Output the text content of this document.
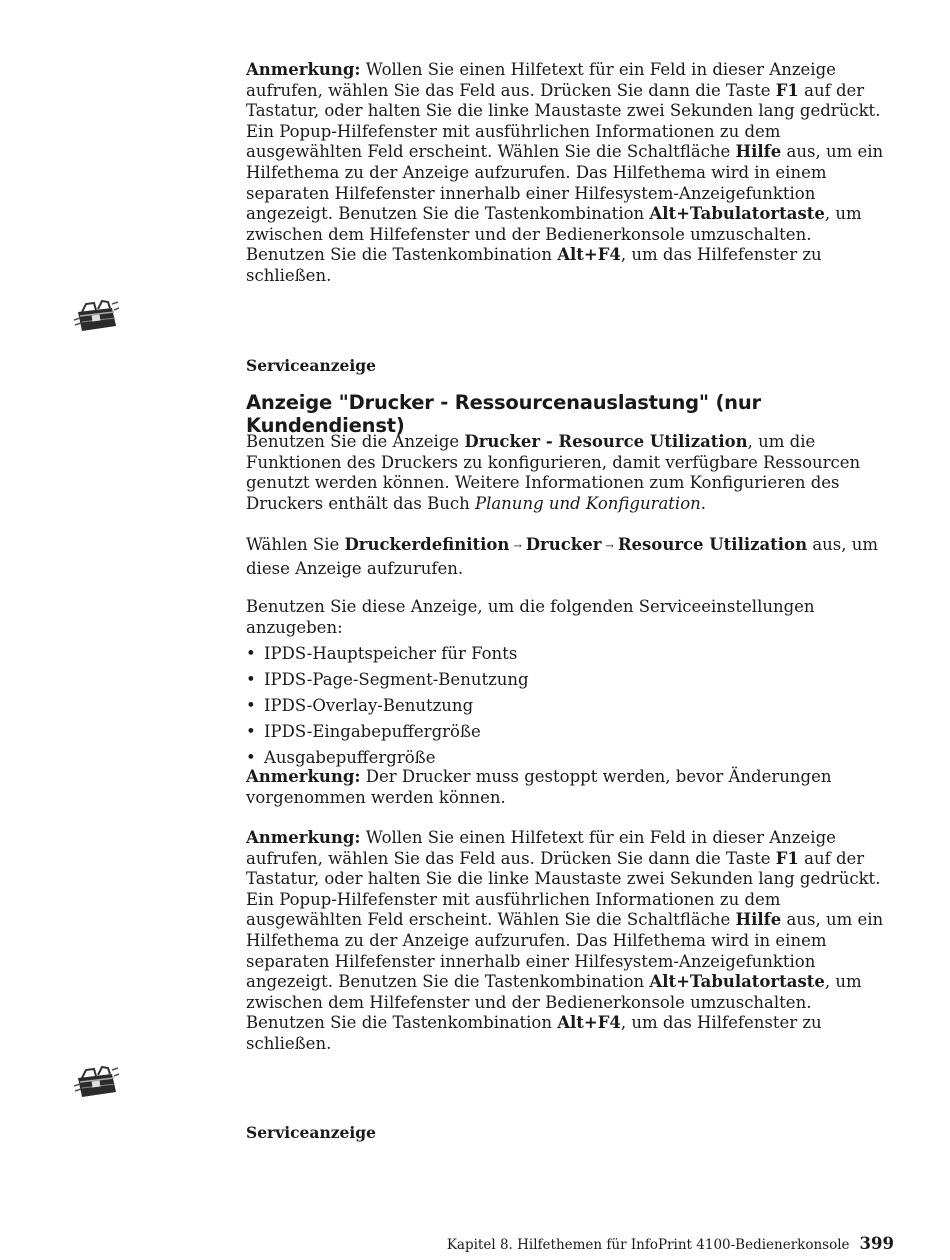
Anmerkung: Wollen Sie einen Hilfetext für ein Feld in dieser Anzeige aufrufen, wählen Sie das Feld aus. Drücken Sie dann die Taste F1 auf der Tastatur, oder halten Sie die linke Maustaste zwei Sekunden lang gedrückt. Ein Popup-Hilfefenster mit ausführlichen Informationen zu dem ausgewählten Feld erscheint. Wählen Sie die Schaltfläche Hilfe aus, um ein Hilfethema zu der Anzeige aufzurufen. Das Hilfethema wird in einem separaten Hilfefenster innerhalb einer Hilfesystem-Anzeigefunktion angezeigt. Benutzen Sie die Tastenkombination Alt+Tabulatortaste, um zwischen dem Hilfefenster und der Bedienerkonsole umzuschalten. Benutzen Sie die Tastenkombination Alt+F4, um das Hilfefenster zu schließen.

Serviceanzeige
Anzeige "Drucker - Ressourcenauslastung" (nur Kundendienst)

Benutzen Sie die Anzeige Drucker - Resource Utilization, um die Funktionen des Druckers zu konfigurieren, damit verfügbare Ressourcen genutzt werden können. Weitere Informationen zum Konfigurieren des Druckers enthält das Buch Planung und Konfiguration.

Wählen Sie Druckerdefinition → Drucker → Resource Utilization aus, um diese Anzeige aufzurufen.

Benutzen Sie diese Anzeige, um die folgenden Serviceeinstellungen anzugeben:

• IPDS-Hauptspeicher für Fonts
• IPDS-Page-Segment-Benutzung
• IPDS-Overlay-Benutzung
• IPDS-Eingabepuffergröße
• Ausgabepuffergröße

Anmerkung: Der Drucker muss gestoppt werden, bevor Änderungen vorgenommen werden können.

Anmerkung: Wollen Sie einen Hilfetext für ein Feld in dieser Anzeige aufrufen, wählen Sie das Feld aus. Drücken Sie dann die Taste F1 auf der Tastatur, oder halten Sie die linke Maustaste zwei Sekunden lang gedrückt. Ein Popup-Hilfefenster mit ausführlichen Informationen zu dem ausgewählten Feld erscheint. Wählen Sie die Schaltfläche Hilfe aus, um ein Hilfethema zu der Anzeige aufzurufen. Das Hilfethema wird in einem separaten Hilfefenster innerhalb einer Hilfesystem-Anzeigefunktion angezeigt. Benutzen Sie die Tastenkombination Alt+Tabulatortaste, um zwischen dem Hilfefenster und der Bedienerkonsole umzuschalten. Benutzen Sie die Tastenkombination Alt+F4, um das Hilfefenster zu schließen.

Serviceanzeige
Kapitel 8. Hilfethemen für InfoPrint 4100-Bedienerkonsole 399
